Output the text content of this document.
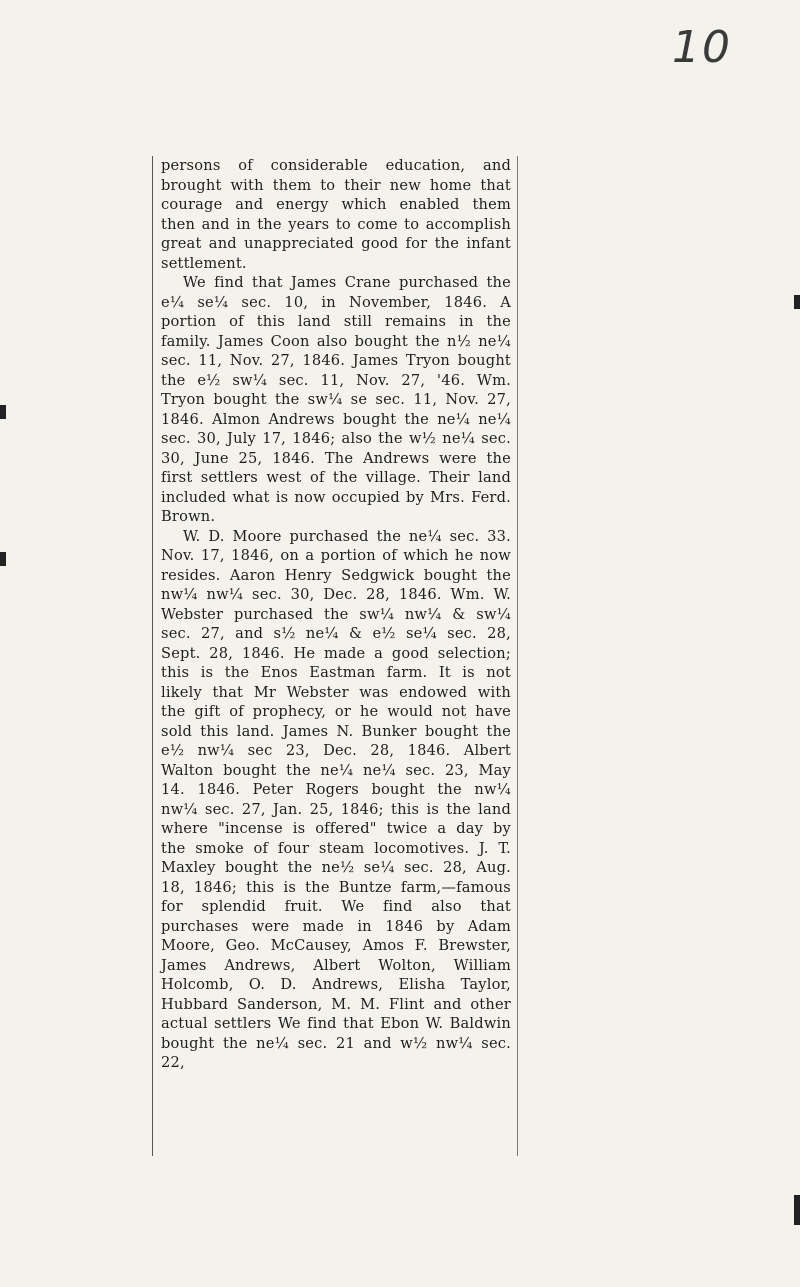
10

persons of considerable education, and brought with them to their new home that courage and energy which enabled them then and in the years to come to accomplish great and unappreciated good for the infant settlement.

We find that James Crane purchased the e¼ se¼ sec. 10, in November, 1846. A portion of this land still remains in the family. James Coon also bought the n½ ne¼ sec. 11, Nov. 27, 1846. James Tryon bought the e½ sw¼ sec. 11, Nov. 27, '46. Wm. Tryon bought the sw¼ se sec. 11, Nov. 27, 1846. Almon Andrews bought the ne¼ ne¼ sec. 30, July 17, 1846; also the w½ ne¼ sec. 30, June 25, 1846. The Andrews were the first settlers west of the village. Their land included what is now occupied by Mrs. Ferd. Brown.

W. D. Moore purchased the ne¼ sec. 33. Nov. 17, 1846, on a portion of which he now resides. Aaron Henry Sedgwick bought the nw¼ nw¼ sec. 30, Dec. 28, 1846. Wm. W. Webster purchased the sw¼ nw¼ & sw¼ sec. 27, and s½ ne¼ & e½ se¼ sec. 28, Sept. 28, 1846. He made a good selection; this is the Enos Eastman farm. It is not likely that Mr Webster was endowed with the gift of prophecy, or he would not have sold this land. James N. Bunker bought the e½ nw¼ sec 23, Dec. 28, 1846. Albert Walton bought the ne¼ ne¼ sec. 23, May 14. 1846. Peter Rogers bought the nw¼ nw¼ sec. 27, Jan. 25, 1846; this is the land where "incense is offered" twice a day by the smoke of four steam locomotives. J. T. Maxley bought the ne½ se¼ sec. 28, Aug. 18, 1846; this is the Buntze farm,—famous for splendid fruit. We find also that purchases were made in 1846 by Adam Moore, Geo. McCausey, Amos F. Brewster, James Andrews, Albert Wolton, William Holcomb, O. D. Andrews, Elisha Taylor, Hubbard Sanderson, M. M. Flint and other actual settlers We find that Ebon W. Baldwin bought the ne¼ sec. 21 and w½ nw¼ sec. 22,
